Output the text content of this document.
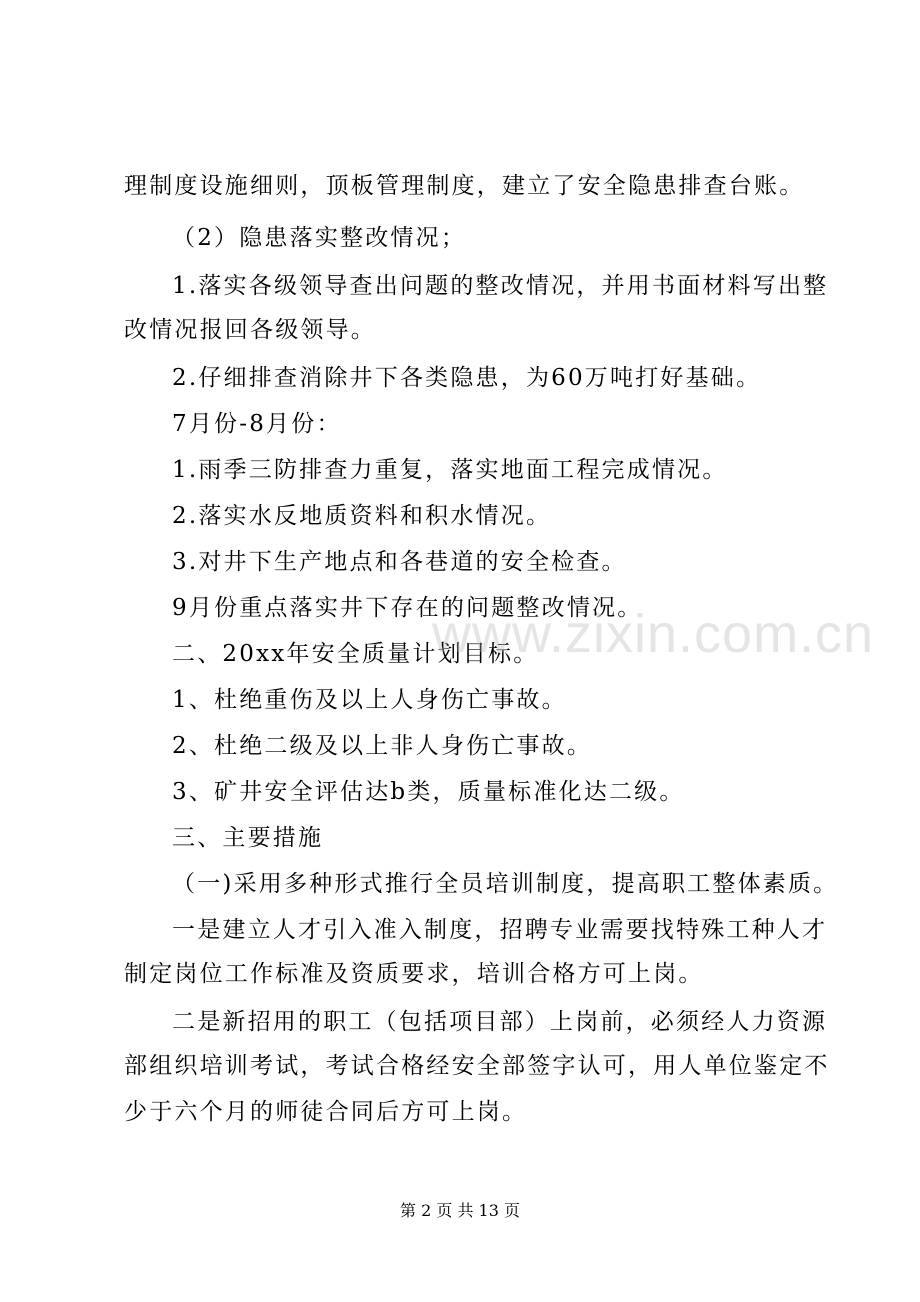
理制度设施细则，顶板管理制度，建立了安全隐患排查台账。
（2）隐患落实整改情况；
1.落实各级领导查出问题的整改情况，并用书面材料写出整
改情况报回各级领导。
2.仔细排查消除井下各类隐患，为60万吨打好基础。
7月份-8月份：
1.雨季三防排查力重复，落实地面工程完成情况。
2.落实水反地质资料和积水情况。
3.对井下生产地点和各巷道的安全检查。
9月份重点落实井下存在的问题整改情况。
二、20xx年安全质量计划目标。
1、杜绝重伤及以上人身伤亡事故。
2、杜绝二级及以上非人身伤亡事故。
3、矿井安全评估达b类，质量标准化达二级。
三、主要措施
（一)采用多种形式推行全员培训制度，提高职工整体素质。
一是建立人才引入准入制度，招聘专业需要找特殊工种人才
制定岗位工作标准及资质要求，培训合格方可上岗。
二是新招用的职工（包括项目部）上岗前，必须经人力资源
部组织培训考试，考试合格经安全部签字认可，用人单位鉴定不
少于六个月的师徒合同后方可上岗。
www.zixin.com.cn
第 2 页 共 13 页
